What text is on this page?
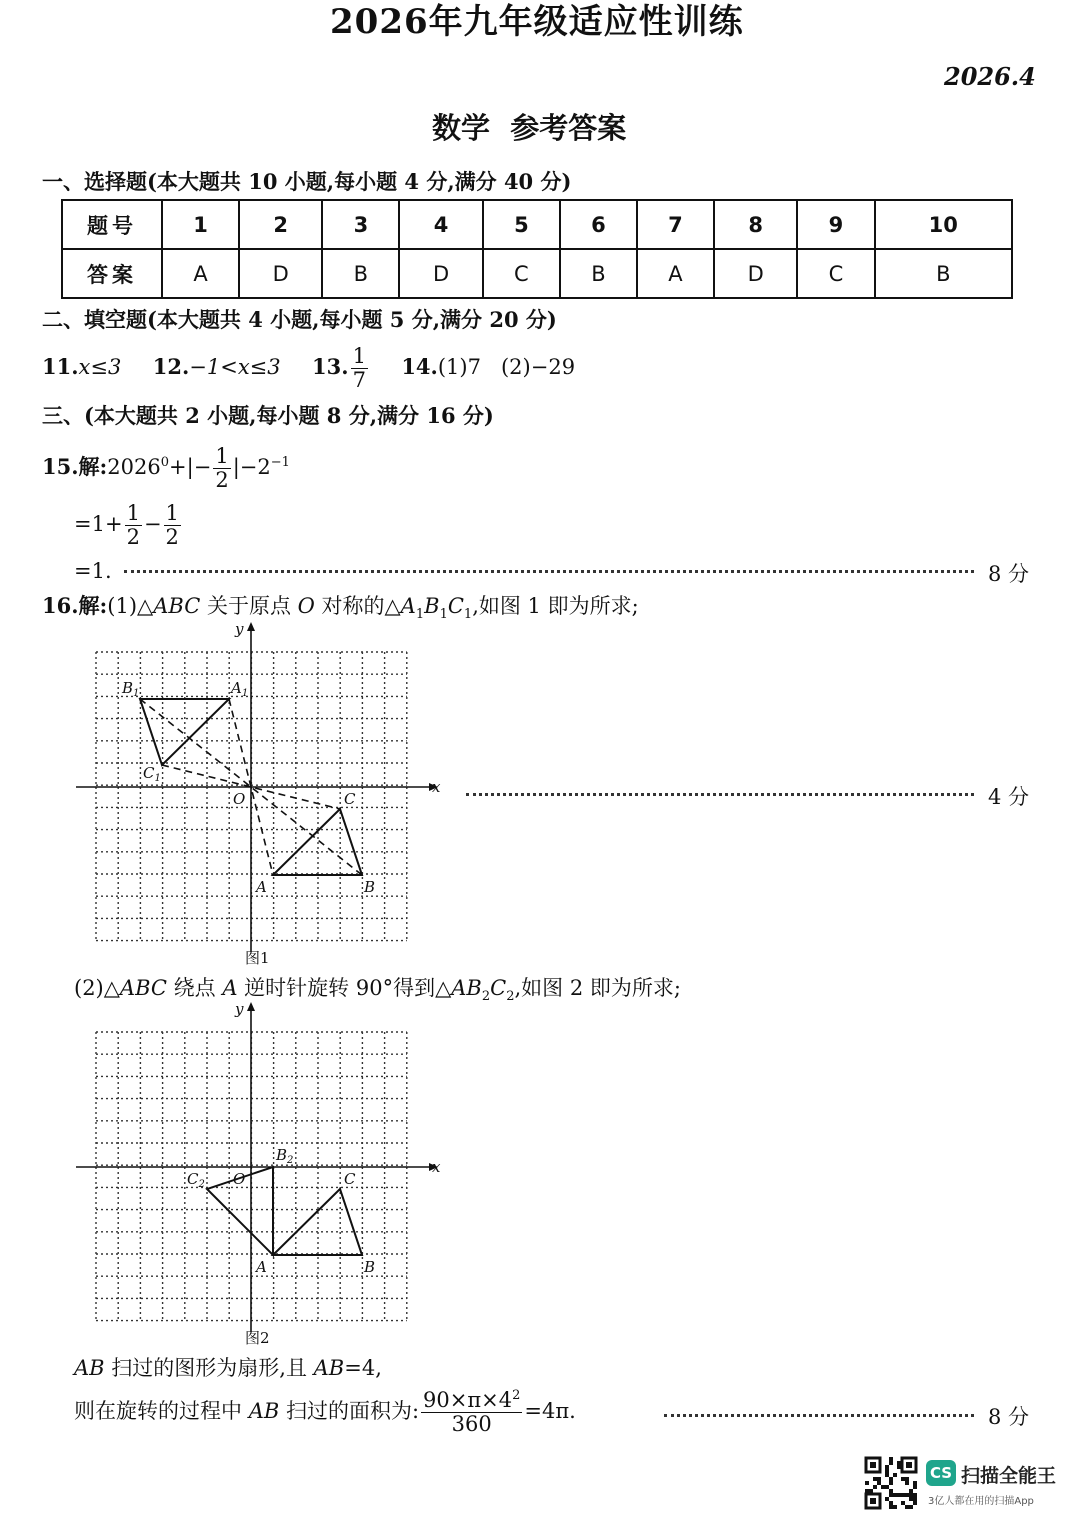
2026年九年级适应性训练
2026.4
数学  参考答案
一、选择题(本大题共 10 小题,每小题 4 分,满分 40 分)
题号	1	2	3	4	5	6	7	8	9	10
答案	A	D	B	D	C	B	A	D	C	B
二、填空题(本大题共 4 小题,每小题 5 分,满分 20 分)
11.x≤3 12.−1<x≤3 13. $\frac{1}{7} 14.(1)7$   (2)−29
三、(本大题共 2 小题,每小题 8 分,满分 16 分)
15.解$:2026^0+|- \frac{1}{2} |-2^{-1}$
$=1+ \frac{1}{2} - \frac{1}{2}$
=1.	8 分
16.解:(1)△ABC 关于原点 O 对称的$\triangle A_1B_1C_1$,如图 1 即为所求;
y
x
O
$B_1$	$A_1$
$C_1$
C
A	B
图1
4 分
(2)△ABC 绕点 A 逆时针旋转 90°得到$\triangle AB_2C_2$,如图 2 即为所求;
y
x
O
$B_2$
$C_2$	C
A	B
图2
AB 扫过的图形为扇形,且 AB=4,
则在旋转的过程中 AB 扫过的面积为: $\frac{90\times\pi\times 4^2}{360} =4\pi$.	8 分
CS 扫描全能王
3亿人都在用的扫描App
